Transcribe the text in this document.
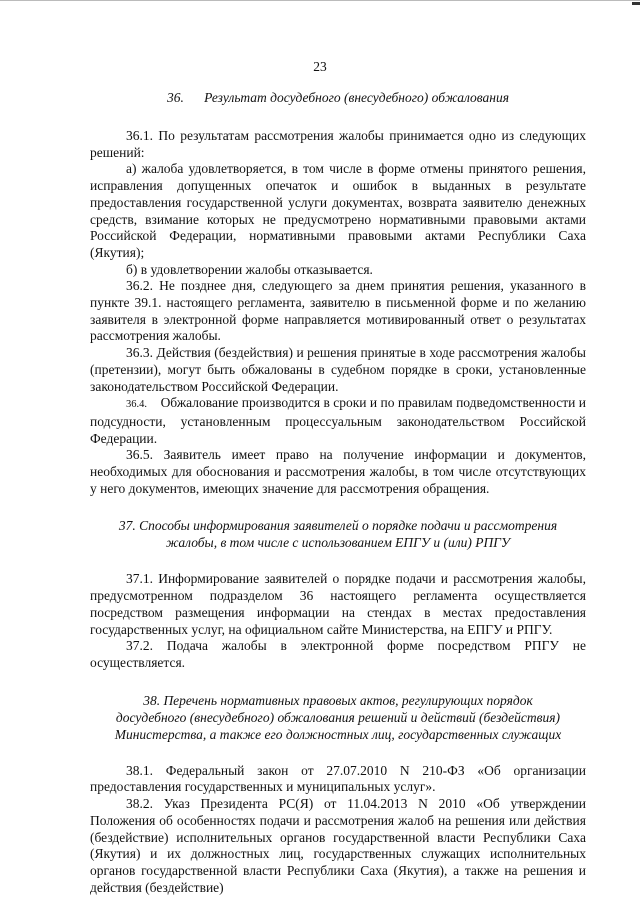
23
36.      Результат досудебного (внесудебного) обжалования

36.1. По результатам рассмотрения жалобы принимается одно из следующих решений:

а) жалоба удовлетворяется, в том числе в форме отмены принятого решения, исправления допущенных опечаток и ошибок в выданных в результате предоставления государственной услуги документах, возврата заявителю денежных средств, взимание которых не предусмотрено нормативными правовыми актами Российской Федерации, нормативными правовыми актами Республики Саха (Якутия);

б) в удовлетворении жалобы отказывается.

36.2. Не позднее дня, следующего за днем принятия решения, указанного в пункте 39.1. настоящего регламента, заявителю в письменной форме и по желанию заявителя в электронной форме направляется мотивированный ответ о результатах рассмотрения жалобы.

36.3. Действия (бездействия) и решения принятые в ходе рассмотрения жалобы (претензии), могут быть обжалованы в судебном порядке в сроки, установленные законодательством Российской Федерации.

36.4. Обжалование производится в сроки и по правилам подведомственности и подсудности, установленным процессуальным законодательством Российской Федерации.

36.5. Заявитель имеет право на получение информации и документов, необходимых для обоснования и рассмотрения жалобы, в том числе отсутствующих у него документов, имеющих значение для рассмотрения обращения.

37. Способы информирования заявителей о порядке подачи и рассмотрения жалобы, в том числе с использованием ЕПГУ и (или) РПГУ

37.1. Информирование заявителей о порядке подачи и рассмотрения жалобы, предусмотренном подразделом 36 настоящего регламента осуществляется посредством размещения информации на стендах в местах предоставления государственных услуг, на официальном сайте Министерства, на ЕПГУ и РПГУ.

37.2. Подача жалобы в электронной форме посредством РПГУ не осуществляется.

38. Перечень нормативных правовых актов, регулирующих порядок досудебного (внесудебного) обжалования решений и действий (бездействия) Министерства, а также его должностных лиц, государственных служащих

38.1. Федеральный закон от 27.07.2010 N 210-ФЗ «Об организации предоставления государственных и муниципальных услуг».

38.2. Указ Президента РС(Я) от 11.04.2013 N 2010 «Об утверждении Положения об особенностях подачи и рассмотрения жалоб на решения или действия (бездействие) исполнительных органов государственной власти Республики Саха (Якутия) и их должностных лиц, государственных служащих исполнительных органов государственной власти Республики Саха (Якутия), а также на решения и действия (бездействие)
